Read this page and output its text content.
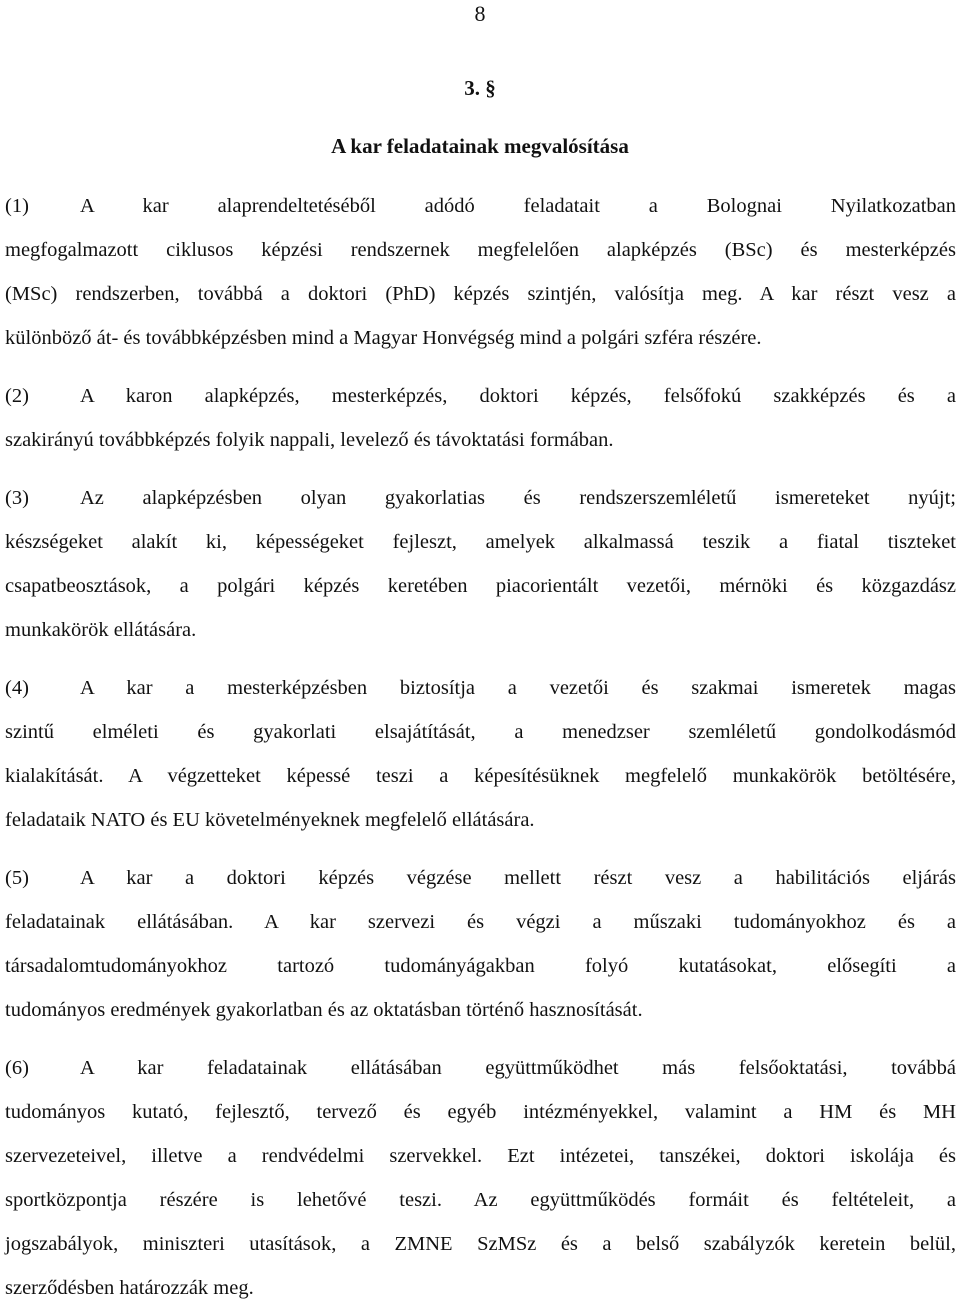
8
3. §
A kar feladatainak megvalósítása
(1)	A kar alaprendeltetéséből adódó feladatait a Bolognai Nyilatkozatban
megfogalmazott ciklusos képzési rendszernek megfelelően alapképzés (BSc) és mesterképzés
(MSc) rendszerben, továbbá a doktori (PhD) képzés szintjén, valósítja meg. A kar részt vesz a
különböző át- és továbbképzésben mind a Magyar Honvégség mind a polgári szféra részére.
(2)	A karon alapképzés, mesterképzés, doktori képzés, felsőfokú szakképzés és a
szakirányú továbbképzés folyik nappali, levelező és távoktatási formában.
(3)	Az alapképzésben olyan gyakorlatias és rendszerszemléletű ismereteket nyújt;
készségeket alakít ki, képességeket fejleszt, amelyek alkalmassá teszik a fiatal tiszteket
csapatbeosztások, a polgári képzés keretében piacorientált vezetői, mérnöki és közgazdász
munkakörök ellátására.
(4)	A kar a mesterképzésben biztosítja a vezetői és szakmai ismeretek magas
szintű elméleti és gyakorlati elsajátítását, a menedzser szemléletű gondolkodásmód
kialakítását. A végzetteket képessé teszi a képesítésüknek megfelelő munkakörök betöltésére,
feladataik NATO és EU követelményeknek megfelelő ellátására.
(5)	A kar a doktori képzés végzése mellett részt vesz a habilitációs eljárás
feladatainak ellátásában. A kar szervezi és végzi a műszaki tudományokhoz és a
társadalomtudományokhoz tartozó tudományágakban folyó kutatásokat, elősegíti a
tudományos eredmények gyakorlatban és az oktatásban történő hasznosítását.
(6)	A kar feladatainak ellátásában együttműködhet más felsőoktatási, továbbá
tudományos kutató, fejlesztő, tervező és egyéb intézményekkel, valamint a HM és MH
szervezeteivel, illetve a rendvédelmi szervekkel. Ezt intézetei, tanszékei, doktori iskolája és
sportközpontja részére is lehetővé teszi. Az együttműködés formáit és feltételeit, a
jogszabályok, miniszteri utasítások, a ZMNE SzMSz és a belső szabályzók keretein belül,
szerződésben határozzák meg.
